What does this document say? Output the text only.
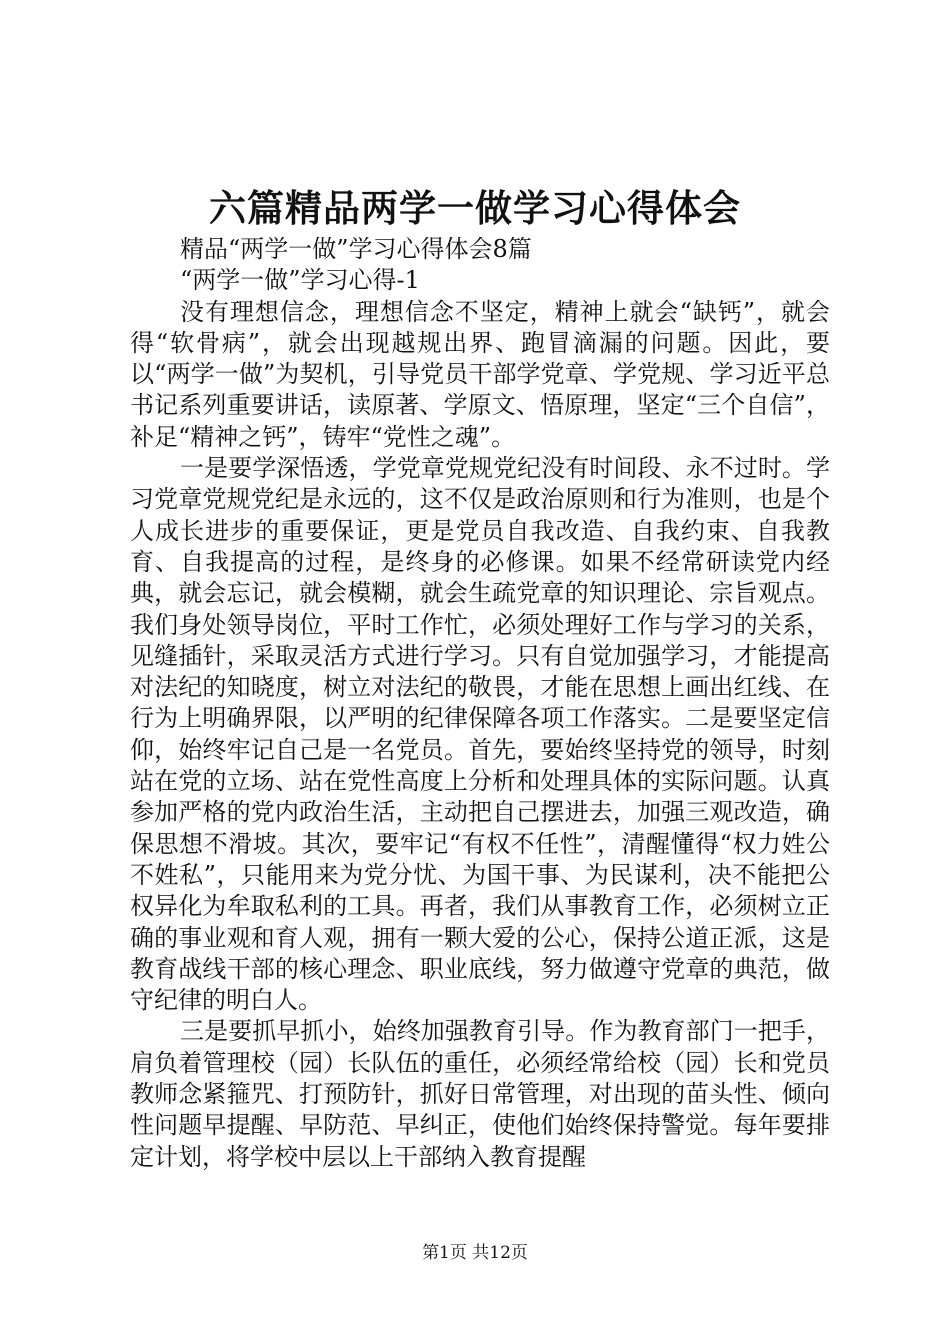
六篇精品两学一做学习心得体会

精品“两学一做”学习心得体会8篇

“两学一做”学习心得-1

没有理想信念，理想信念不坚定，精神上就会“缺钙”，就会得“软骨病”，就会出现越规出界、跑冒滴漏的问题。因此，要以“两学一做”为契机，引导党员干部学党章、学党规、学习近平总书记系列重要讲话，读原著、学原文、悟原理，坚定“三个自信”，补足“精神之钙”，铸牢“党性之魂”。

一是要学深悟透，学党章党规党纪没有时间段、永不过时。学习党章党规党纪是永远的，这不仅是政治原则和行为准则，也是个人成长进步的重要保证，更是党员自我改造、自我约束、自我教育、自我提高的过程，是终身的必修课。如果不经常研读党内经典，就会忘记，就会模糊，就会生疏党章的知识理论、宗旨观点。我们身处领导岗位，平时工作忙，必须处理好工作与学习的关系，见缝插针，采取灵活方式进行学习。只有自觉加强学习，才能提高对法纪的知晓度，树立对法纪的敬畏，才能在思想上画出红线、在行为上明确界限，以严明的纪律保障各项工作落实。二是要坚定信仰，始终牢记自己是一名党员。首先，要始终坚持党的领导，时刻站在党的立场、站在党性高度上分析和处理具体的实际问题。认真参加严格的党内政治生活，主动把自己摆进去，加强三观改造，确保思想不滑坡。其次，要牢记“有权不任性”，清醒懂得“权力姓公不姓私”，只能用来为党分忧、为国干事、为民谋利，决不能把公权异化为牟取私利的工具。再者，我们从事教育工作，必须树立正确的事业观和育人观，拥有一颗大爱的公心，保持公道正派，这是教育战线干部的核心理念、职业底线，努力做遵守党章的典范，做守纪律的明白人。

三是要抓早抓小，始终加强教育引导。作为教育部门一把手，肩负着管理校（园）长队伍的重任，必须经常给校（园）长和党员教师念紧箍咒、打预防针，抓好日常管理，对出现的苗头性、倾向性问题早提醒、早防范、早纠正，使他们始终保持警觉。每年要排定计划，将学校中层以上干部纳入教育提醒

第1页 共12页
